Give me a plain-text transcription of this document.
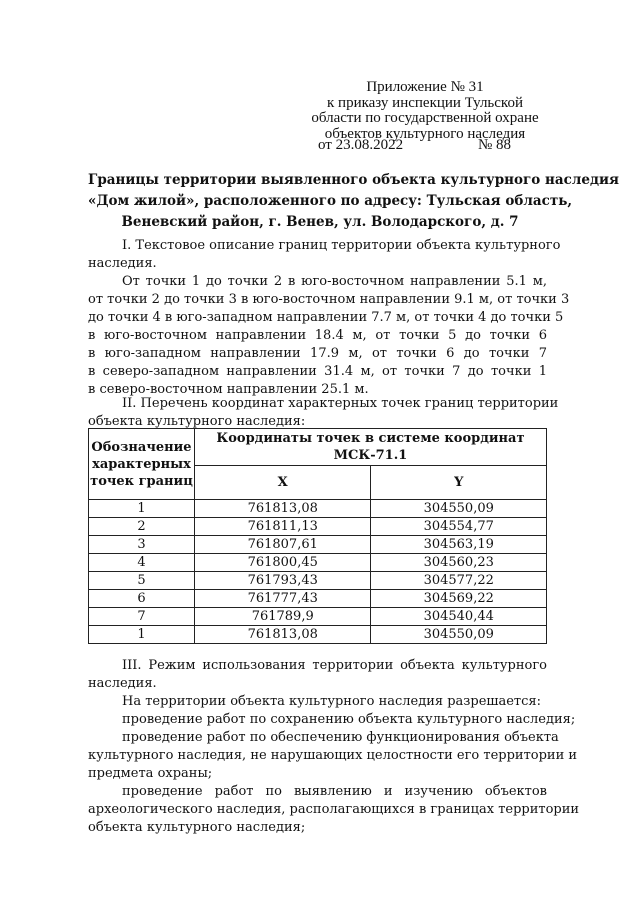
Приложение № 31
к приказу инспекции Тульской
области по государственной охране
объектов культурного наследия
от 23.08.2022	№ 88
Границы территории выявленного объекта культурного наследия
«Дом жилой», расположенного по адресу: Тульская область,
Веневский район, г. Венев, ул. Володарского, д. 7
I. Текстовое описание границ территории объекта культурного
наследия.
От точки 1 до точки 2 в юго-восточном направлении 5.1 м,
от точки 2 до точки 3 в юго-восточном направлении 9.1 м, от точки 3
до точки 4 в юго-западном направлении 7.7 м, от точки 4 до точки 5
в юго-восточном направлении 18.4 м, от точки 5 до точки 6
в юго-западном направлении 17.9 м, от точки 6 до точки 7
в северо-западном направлении 31.4 м, от точки 7 до точки 1
в северо-восточном направлении 25.1 м.
II. Перечень координат характерных точек границ территории
объекта культурного наследия:
Обозначение характерных точек границ	Координаты точек в системе координат
МСК-71.1	

	X	Y
1	761813,08	304550,09
2	761811,13	304554,77
3	761807,61	304563,19
4	761800,45	304560,23
5	761793,43	304577,22
6	761777,43	304569,22
7	761789,9	304540,44
1	761813,08	304550,09
III. Режим использования территории объекта культурного
наследия.
На территории объекта культурного наследия разрешается:
проведение работ по сохранению объекта культурного наследия;
проведение работ по обеспечению функционирования объекта
культурного наследия, не нарушающих целостности его территории и
предмета охраны;
проведение работ по выявлению и изучению объектов
археологического наследия, располагающихся в границах территории
объекта культурного наследия;
